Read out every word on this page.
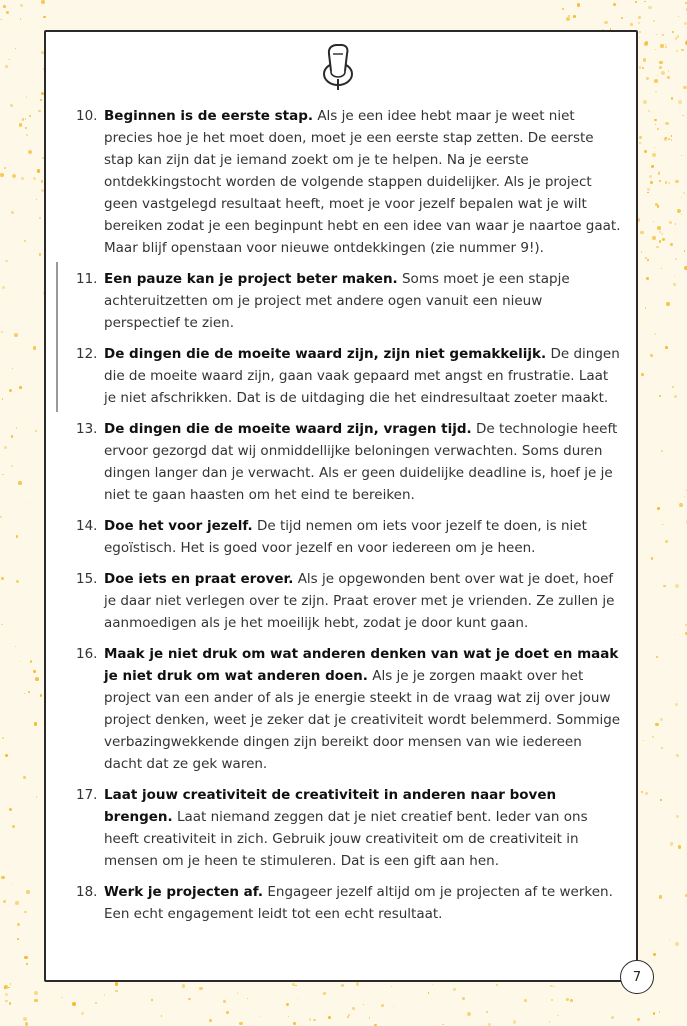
10. Beginnen is de eerste stap. Als je een idee hebt maar je weet niet precies hoe je het moet doen, moet je een eerste stap zetten. De eerste stap kan zijn dat je iemand zoekt om je te helpen. Na je eerste ontdekkingstocht worden de volgende stappen duidelijker. Als je project geen vastgelegd resultaat heeft, moet je voor jezelf bepalen wat je wilt bereiken zodat je een beginpunt hebt en een idee van waar je naartoe gaat. Maar blijf openstaan voor nieuwe ontdekkingen (zie nummer 9!).
11. Een pauze kan je project beter maken. Soms moet je een stapje achteruitzetten om je project met andere ogen vanuit een nieuw perspectief te zien.
12. De dingen die de moeite waard zijn, zijn niet gemakkelijk. De dingen die de moeite waard zijn, gaan vaak gepaard met angst en frustratie. Laat je niet afschrikken. Dat is de uitdaging die het eindresultaat zoeter maakt.
13. De dingen die de moeite waard zijn, vragen tijd. De technologie heeft ervoor gezorgd dat wij onmiddellijke beloningen verwachten. Soms duren dingen langer dan je verwacht. Als er geen duidelijke deadline is, hoef je je niet te gaan haasten om het eind te bereiken.
14. Doe het voor jezelf. De tijd nemen om iets voor jezelf te doen, is niet egoïstisch. Het is goed voor jezelf en voor iedereen om je heen.
15. Doe iets en praat erover. Als je opgewonden bent over wat je doet, hoef je daar niet verlegen over te zijn. Praat erover met je vrienden. Ze zullen je aanmoedigen als je het moeilijk hebt, zodat je door kunt gaan.
16. Maak je niet druk om wat anderen denken van wat je doet en maak je niet druk om wat anderen doen. Als je je zorgen maakt over het project van een ander of als je energie steekt in de vraag wat zij over jouw project denken, weet je zeker dat je creativiteit wordt belemmerd. Sommige verbazingwekkende dingen zijn bereikt door mensen van wie iedereen dacht dat ze gek waren.
17. Laat jouw creativiteit de creativiteit in anderen naar boven brengen. Laat niemand zeggen dat je niet creatief bent. Ieder van ons heeft creativiteit in zich. Gebruik jouw creativiteit om de creativiteit in mensen om je heen te stimuleren. Dat is een gift aan hen.
18. Werk je projecten af. Engageer jezelf altijd om je projecten af te werken. Een echt engagement leidt tot een echt resultaat.
7
